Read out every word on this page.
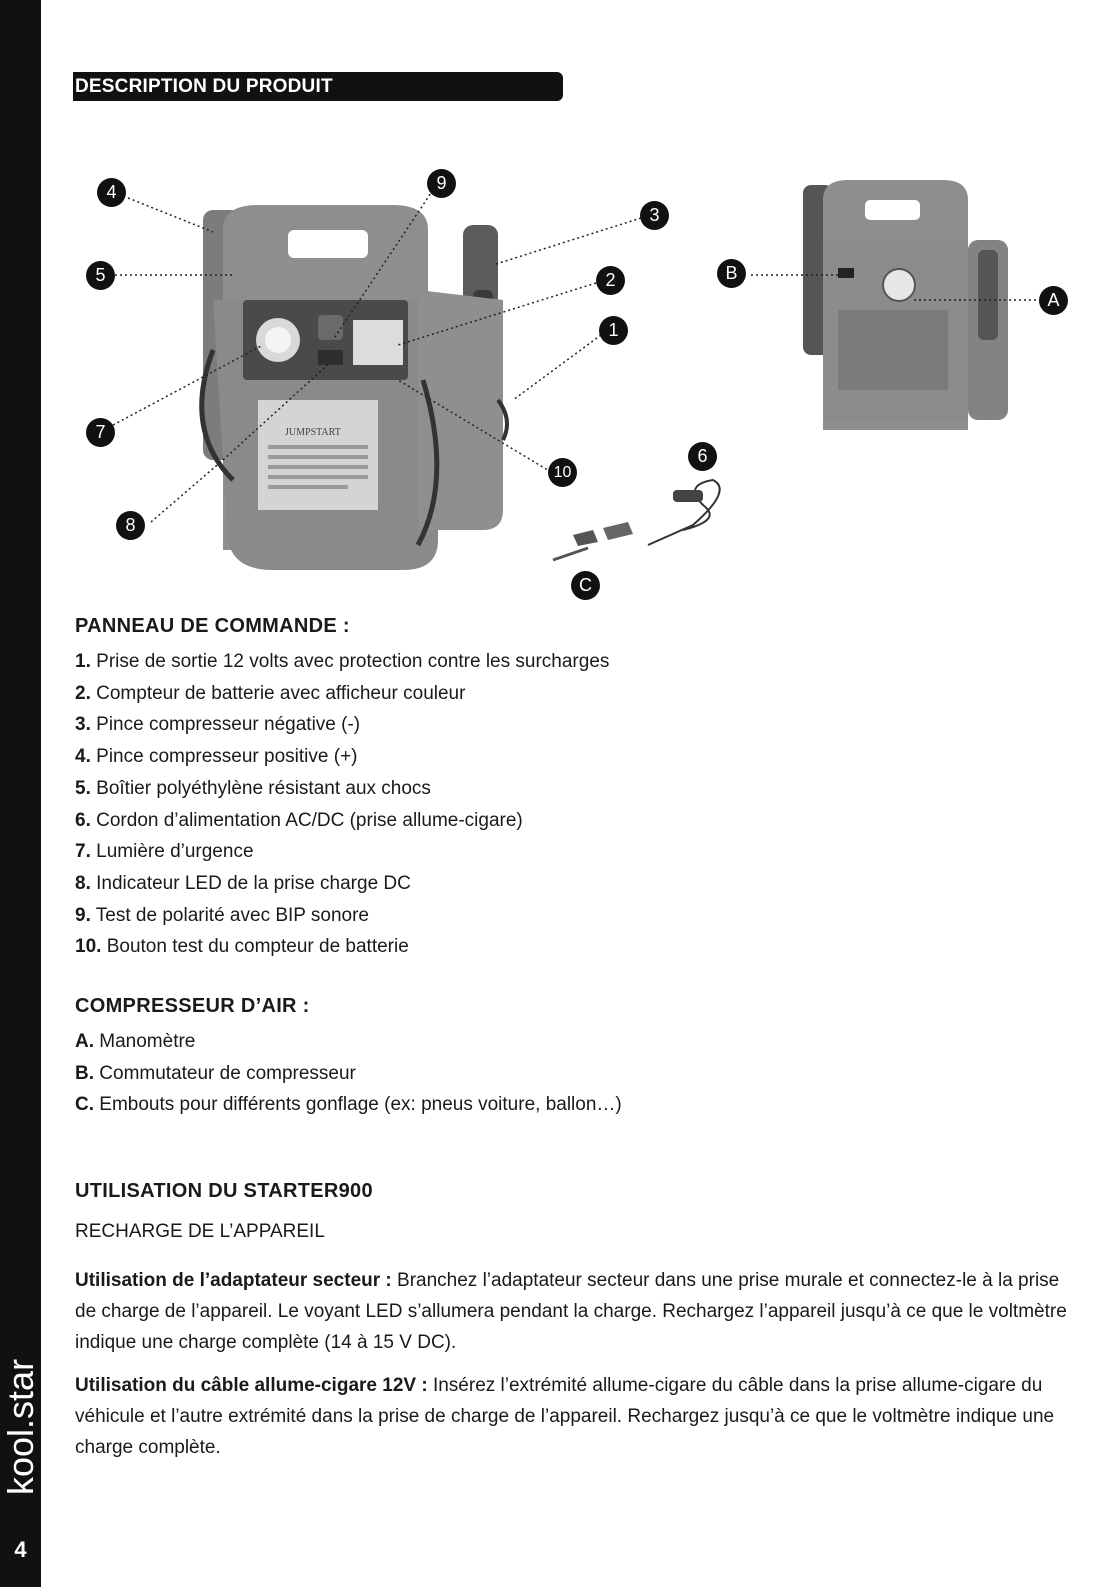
kool.star
4
DESCRIPTION DU PRODUIT
JUMPSTART
4
5
7
8
9
3
2
1
10
6
C
B
A
PANNEAU DE COMMANDE :
1. Prise de sortie 12 volts avec protection contre les surcharges
2. Compteur de batterie avec afficheur couleur
3. Pince compresseur négative (-)
4. Pince compresseur positive (+)
5. Boîtier polyéthylène résistant aux chocs
6. Cordon d’alimentation AC/DC (prise allume-cigare)
7. Lumière d’urgence
8. Indicateur LED de la prise charge DC
9. Test de polarité avec BIP sonore
10. Bouton test du compteur de batterie
COMPRESSEUR D’AIR :
A. Manomètre
B. Commutateur de compresseur
C. Embouts pour différents gonflage (ex: pneus voiture, ballon…)
UTILISATION DU STARTER900
RECHARGE DE L’APPAREIL
Utilisation de l’adaptateur secteur : Branchez l’adaptateur secteur dans une prise murale et connectez-le à la prise de charge de l’appareil. Le voyant LED s’allumera pendant la charge. Rechargez l’appareil jusqu’à ce que le voltmètre indique une charge complète (14 à 15 V DC).
Utilisation du câble allume-cigare 12V : Insérez l’extrémité allume-cigare du câble dans la prise allume-cigare du véhicule et l’autre extrémité dans la prise de charge de l’appareil. Rechargez jusqu’à ce que le voltmètre indique une charge complète.
